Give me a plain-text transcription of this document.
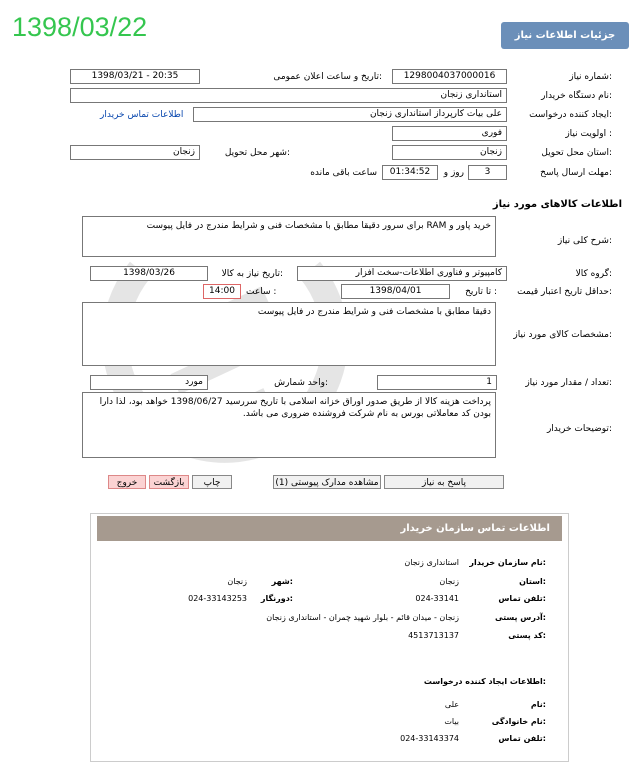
1398/03/22	جزئيات اطلاعات نياز
شماره نياز:
1298004037000016
تاريخ و ساعت اعلان عمومی:
1398/03/21 - 20:35
نام دستگاه خريدار:
استانداری زنجان
ايجاد کننده درخواست:
علی بيات کارپرداز استانداری زنجان
اطلاعات تماس خريدار
اولويت نياز :
فوری
استان محل تحويل:
زنجان
شهر محل تحويل:
زنجان
مهلت ارسال پاسخ:
3
روز و
01:34:52
ساعت باقی مانده
اطلاعات کالاهای مورد نياز
شرح کلی نياز:
خريد پاور و RAM برای سرور دقيقا مطابق با مشخصات فنی و شرايط مندرج در فايل پيوست
گروه کالا:
کامپيوتر و فناوری اطلاعات-سخت افزار
تاريخ نياز به کالا:
1398/03/26
حداقل تاريخ اعتبار قيمت:
تا تاريخ :
1398/04/01
ساعت :
14:00
مشخصات کالای مورد نياز:
دقيقا مطابق با مشخصات فنی و شرايط مندرج در فايل پيوست
تعداد / مقدار مورد نياز:
1
واحد شمارش:
مورد
توضيحات خريدار:
پرداخت هزينه کالا از طريق صدور اوراق خزانه اسلامی با تاريخ سررسيد 1398/06/27 خواهد بود، لذا دارا بودن کد معاملاتی بورس به نام شرکت فروشنده ضروری می باشد.
پاسخ به نياز
مشاهده مدارک پيوستی (1)
چاپ
بازگشت
خروج
اطلاعات تماس سازمان خريدار
نام سازمان خريدار:
استانداری زنجان
استان:
زنجان
شهر:
زنجان
تلفن تماس:
024-33141
دورنگار:
024-33143253
آدرس پستی:
زنجان - ميدان قائم - بلوار شهيد چمران - استانداری زنجان
کد پستی:
4513713137
اطلاعات ايجاد کننده درخواست:
نام:
علی
نام خانوادگی:
بيات
تلفن تماس:
024-33143374
